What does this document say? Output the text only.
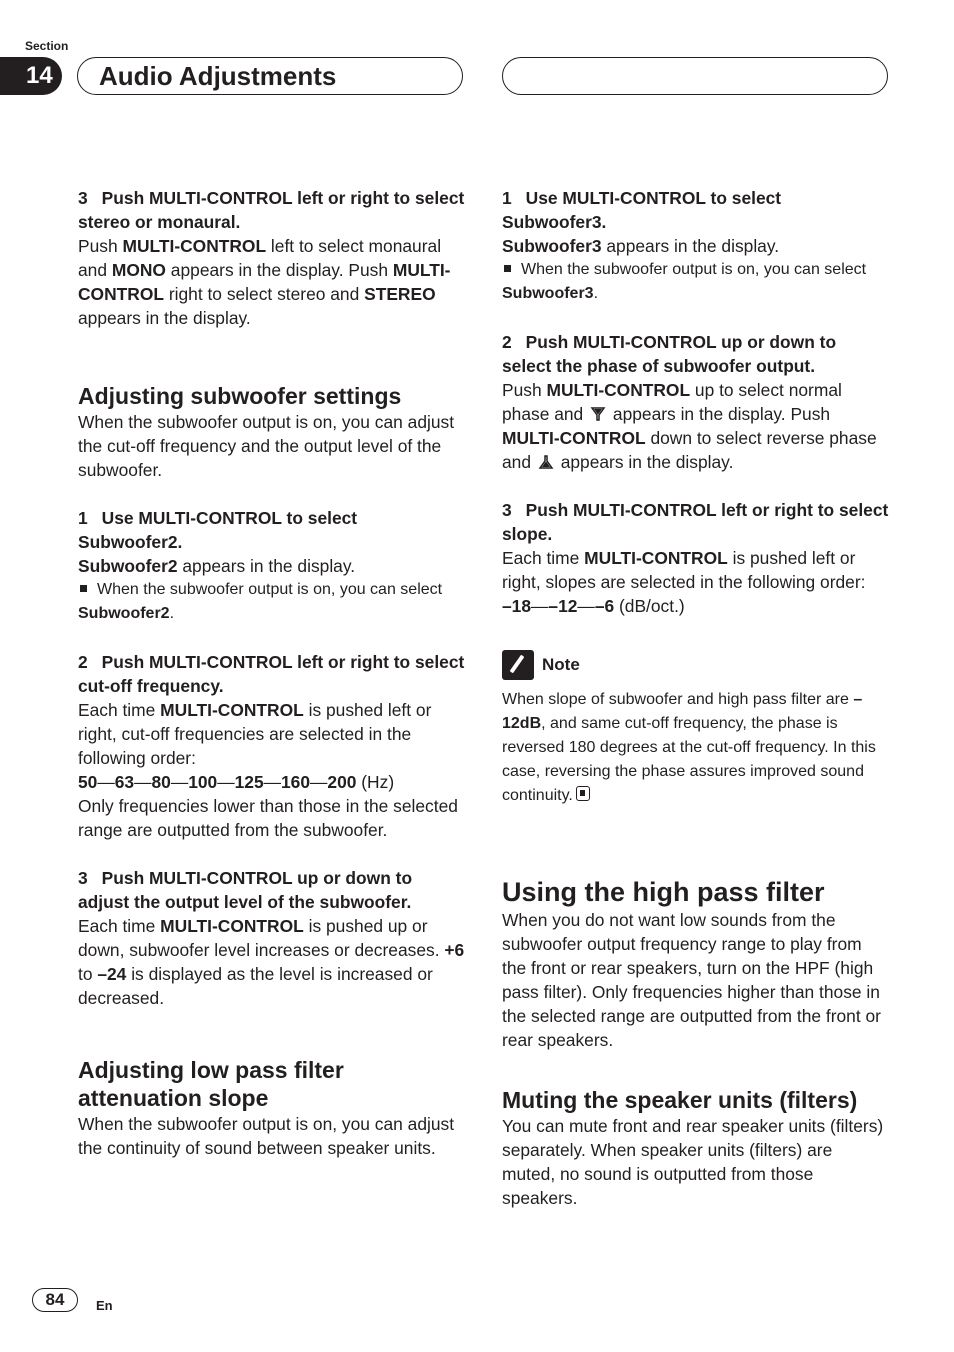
Section
14	Audio Adjustments

3 Push MULTI-CONTROL left or right to select stereo or monaural.

Push MULTI-CONTROL left to select monaural and MONO appears in the display. Push MULTI-CONTROL right to select stereo and STEREO appears in the display.

Adjusting subwoofer settings

When the subwoofer output is on, you can adjust the cut-off frequency and the output level of the subwoofer.

1 Use MULTI-CONTROL to select Subwoofer2.

Subwoofer2 appears in the display.

When the subwoofer output is on, you can select Subwoofer2.

2 Push MULTI-CONTROL left or right to select cut-off frequency.

Each time MULTI-CONTROL is pushed left or right, cut-off frequencies are selected in the following order:

50—63—80—100—125—160—200 (Hz)

Only frequencies lower than those in the selected range are outputted from the subwoofer.

3 Push MULTI-CONTROL up or down to adjust the output level of the subwoofer.

Each time MULTI-CONTROL is pushed up or down, subwoofer level increases or decreases. +6 to –24 is displayed as the level is increased or decreased.

Adjusting low pass filter attenuation slope

When the subwoofer output is on, you can adjust the continuity of sound between speaker units.

1 Use MULTI-CONTROL to select Subwoofer3.

Subwoofer3 appears in the display.

When the subwoofer output is on, you can select Subwoofer3.

2 Push MULTI-CONTROL up or down to select the phase of subwoofer output.

Push MULTI-CONTROL up to select normal phase and  appears in the display. Push MULTI-CONTROL down to select reverse phase and  appears in the display.

3 Push MULTI-CONTROL left or right to select slope.

Each time MULTI-CONTROL is pushed left or right, slopes are selected in the following order:

–18—–12—–6 (dB/oct.)

Note

When slope of subwoofer and high pass filter are –12dB, and same cut-off frequency, the phase is reversed 180 degrees at the cut-off frequency. In this case, reversing the phase assures improved sound continuity.

Using the high pass filter

When you do not want low sounds from the subwoofer output frequency range to play from the front or rear speakers, turn on the HPF (high pass filter). Only frequencies higher than those in the selected range are outputted from the front or rear speakers.

Muting the speaker units (filters)

You can mute front and rear speaker units (filters) separately. When speaker units (filters) are muted, no sound is outputted from those speakers.

84	En
